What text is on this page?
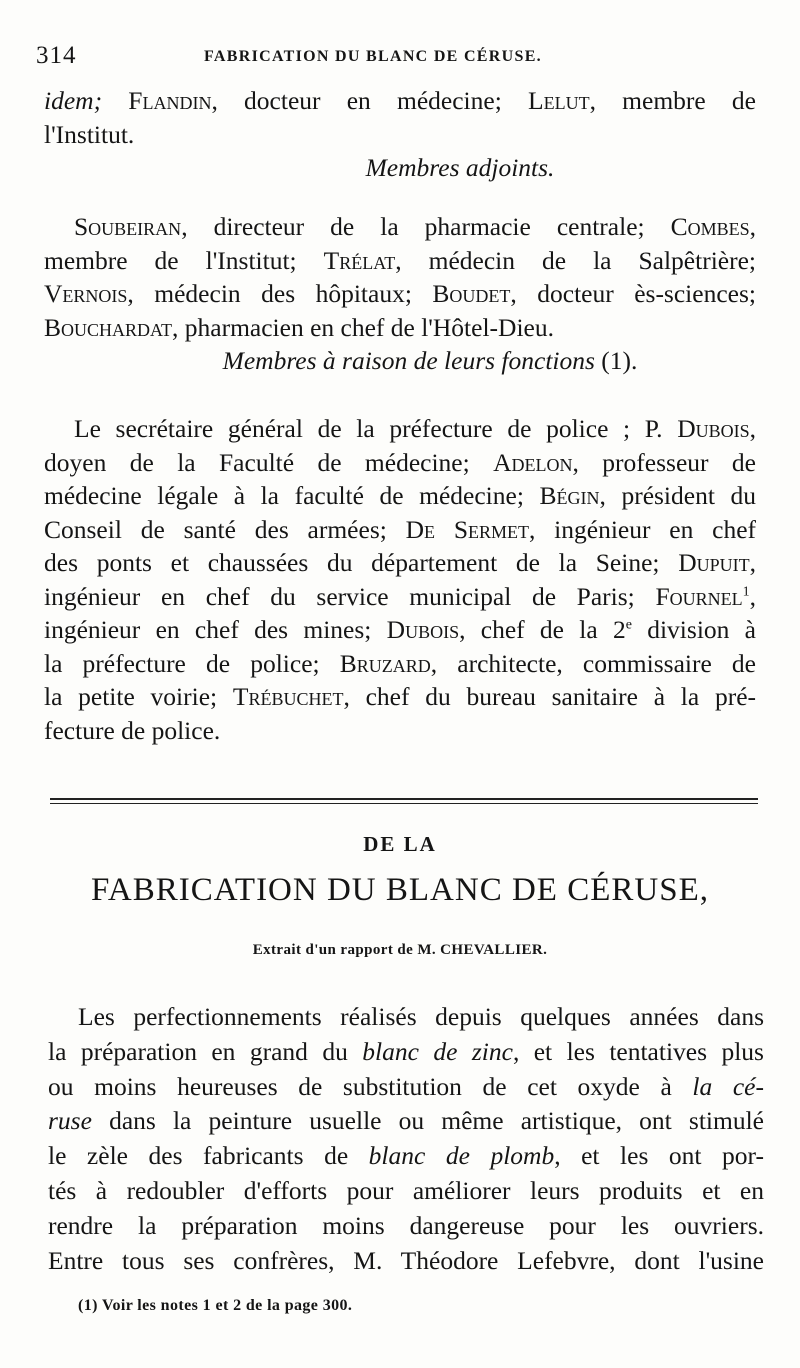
314	FABRICATION DU BLANC DE CÉRUSE.
idem; Flandin, docteur en médecine; Lelut, membre de
l'Institut.
Membres adjoints.
Soubeiran, directeur de la pharmacie centrale; Combes,
membre de l'Institut; Trélat, médecin de la Salpêtrière;
Vernois, médecin des hôpitaux; Boudet, docteur ès-sciences;
Bouchardat, pharmacien en chef de l'Hôtel-Dieu.
Membres à raison de leurs fonctions (1).
Le secrétaire général de la préfecture de police ; P. Dubois,
doyen de la Faculté de médecine; Adelon, professeur de
médecine légale à la faculté de médecine; Bégin, président du
Conseil de santé des armées; De Sermet, ingénieur en chef
des ponts et chaussées du département de la Seine; Dupuit,
ingénieur en chef du service municipal de Paris; Fournel$^1$,
ingénieur en chef des mines; Dubois, chef de la 2e division à
la préfecture de police; Bruzard, architecte, commissaire de
la petite voirie; Trébuchet, chef du bureau sanitaire à la pré-
fecture de police.
DE LA
FABRICATION DU BLANC DE CÉRUSE,
Extrait d'un rapport de M. CHEVALLIER.
Les perfectionnements réalisés depuis quelques années dans
la préparation en grand du blanc de zinc, et les tentatives plus
ou moins heureuses de substitution de cet oxyde à la cé-
ruse dans la peinture usuelle ou même artistique, ont stimulé
le zèle des fabricants de blanc de plomb, et les ont por-
tés à redoubler d'efforts pour améliorer leurs produits et en
rendre la préparation moins dangereuse pour les ouvriers.
Entre tous ses confrères, M. Théodore Lefebvre, dont l'usine
(1) Voir les notes 1 et 2 de la page 300.
